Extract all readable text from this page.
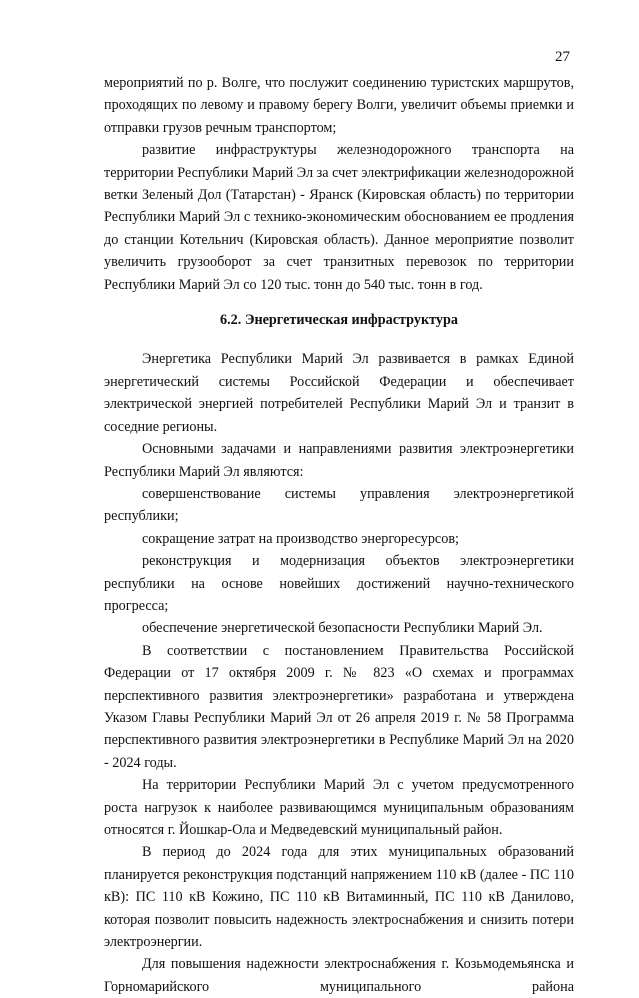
27

мероприятий по р. Волге, что послужит соединению туристских маршрутов, проходящих по левому и правому берегу Волги, увеличит объемы приемки и отправки грузов речным транспортом;

развитие инфраструктуры железнодорожного транспорта на территории Республики Марий Эл за счет электрификации железнодорожной ветки Зеленый Дол (Татарстан) - Яранск (Кировская область) по территории Республики Марий Эл с технико-экономическим обоснованием ее продления до станции Котельнич (Кировская область). Данное мероприятие позволит увеличить грузооборот за счет транзитных перевозок по территории Республики Марий Эл со 120 тыс. тонн до 540 тыс. тонн в год.

6.2. Энергетическая инфраструктура

Энергетика Республики Марий Эл развивается в рамках Единой энергетический системы Российской Федерации и обеспечивает электрической энергией потребителей Республики Марий Эл и транзит в соседние регионы.

Основными задачами и направлениями развития электроэнергетики Республики Марий Эл являются:

совершенствование системы управления электроэнергетикой республики;

сокращение затрат на производство энергоресурсов;

реконструкция и модернизация объектов электроэнергетики республики на основе новейших достижений научно-технического прогресса;

обеспечение энергетической безопасности Республики Марий Эл.

В соответствии с постановлением Правительства Российской Федерации от 17 октября 2009 г. № 823 «О схемах и программах перспективного развития электроэнергетики» разработана и утверждена Указом Главы Республики Марий Эл от 26 апреля 2019 г. № 58 Программа перспективного развития электроэнергетики в Республике Марий Эл на 2020 - 2024 годы.

На территории Республики Марий Эл с учетом предусмотренного роста нагрузок к наиболее развивающимся муниципальным образованиям относятся г. Йошкар-Ола и Медведевский муниципальный район.

В период до 2024 года для этих муниципальных образований планируется реконструкция подстанций напряжением 110 кВ (далее - ПС 110 кВ): ПС 110 кВ Кожино, ПС 110 кВ Витаминный, ПС 110 кВ Данилово, которая позволит повысить надежность электроснабжения и снизить потери электроэнергии.

Для повышения надежности электроснабжения г. Козьмодемьянска и Горномарийского муниципального района
